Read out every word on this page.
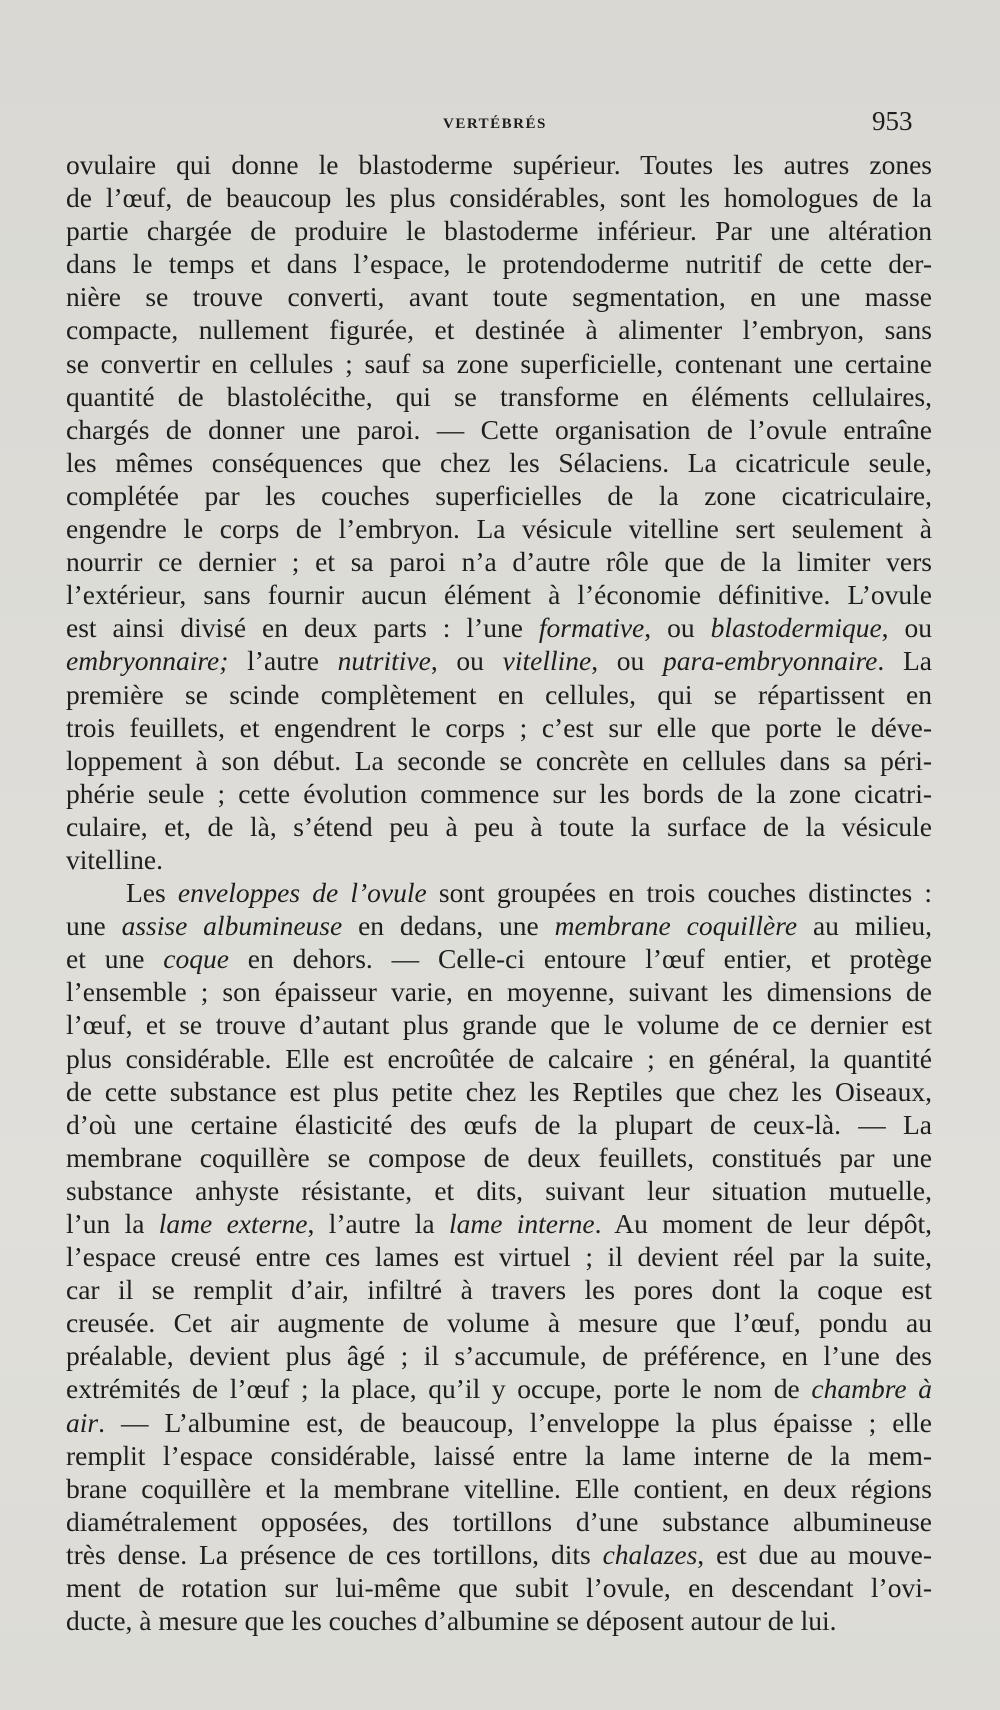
VERTÉBRÉS	953
ovulaire qui donne le blastoderme supérieur. Toutes les autres zones
de l’œuf, de beaucoup les plus considérables, sont les homologues de la
partie chargée de produire le blastoderme inférieur. Par une altération
dans le temps et dans l’espace, le protendoderme nutritif de cette der-
nière se trouve converti, avant toute segmentation, en une masse
compacte, nullement figurée, et destinée à alimenter l’embryon, sans
se convertir en cellules ; sauf sa zone superficielle, contenant une certaine
quantité de blastolécithe, qui se transforme en éléments cellulaires,
chargés de donner une paroi. — Cette organisation de l’ovule entraîne
les mêmes conséquences que chez les Sélaciens. La cicatricule seule,
complétée par les couches superficielles de la zone cicatriculaire,
engendre le corps de l’embryon. La vésicule vitelline sert seulement à
nourrir ce dernier ; et sa paroi n’a d’autre rôle que de la limiter vers
l’extérieur, sans fournir aucun élément à l’économie définitive. L’ovule
est ainsi divisé en deux parts : l’une formative, ou blastodermique, ou
embryonnaire; l’autre nutritive, ou vitelline, ou para-embryonnaire. La
première se scinde complètement en cellules, qui se répartissent en
trois feuillets, et engendrent le corps ; c’est sur elle que porte le déve-
loppement à son début. La seconde se concrète en cellules dans sa péri-
phérie seule ; cette évolution commence sur les bords de la zone cicatri-
culaire, et, de là, s’étend peu à peu à toute la surface de la vésicule
vitelline.
Les enveloppes de l’ovule sont groupées en trois couches distinctes :
une assise albumineuse en dedans, une membrane coquillère au milieu,
et une coque en dehors. — Celle-ci entoure l’œuf entier, et protège
l’ensemble ; son épaisseur varie, en moyenne, suivant les dimensions de
l’œuf, et se trouve d’autant plus grande que le volume de ce dernier est
plus considérable. Elle est encroûtée de calcaire ; en général, la quantité
de cette substance est plus petite chez les Reptiles que chez les Oiseaux,
d’où une certaine élasticité des œufs de la plupart de ceux-là. — La
membrane coquillère se compose de deux feuillets, constitués par une
substance anhyste résistante, et dits, suivant leur situation mutuelle,
l’un la lame externe, l’autre la lame interne. Au moment de leur dépôt,
l’espace creusé entre ces lames est virtuel ; il devient réel par la suite,
car il se remplit d’air, infiltré à travers les pores dont la coque est
creusée. Cet air augmente de volume à mesure que l’œuf, pondu au
préalable, devient plus âgé ; il s’accumule, de préférence, en l’une des
extrémités de l’œuf ; la place, qu’il y occupe, porte le nom de chambre à
air. — L’albumine est, de beaucoup, l’enveloppe la plus épaisse ; elle
remplit l’espace considérable, laissé entre la lame interne de la mem-
brane coquillère et la membrane vitelline. Elle contient, en deux régions
diamétralement opposées, des tortillons d’une substance albumineuse
très dense. La présence de ces tortillons, dits chalazes, est due au mouve-
ment de rotation sur lui-même que subit l’ovule, en descendant l’ovi-
ducte, à mesure que les couches d’albumine se déposent autour de lui.
